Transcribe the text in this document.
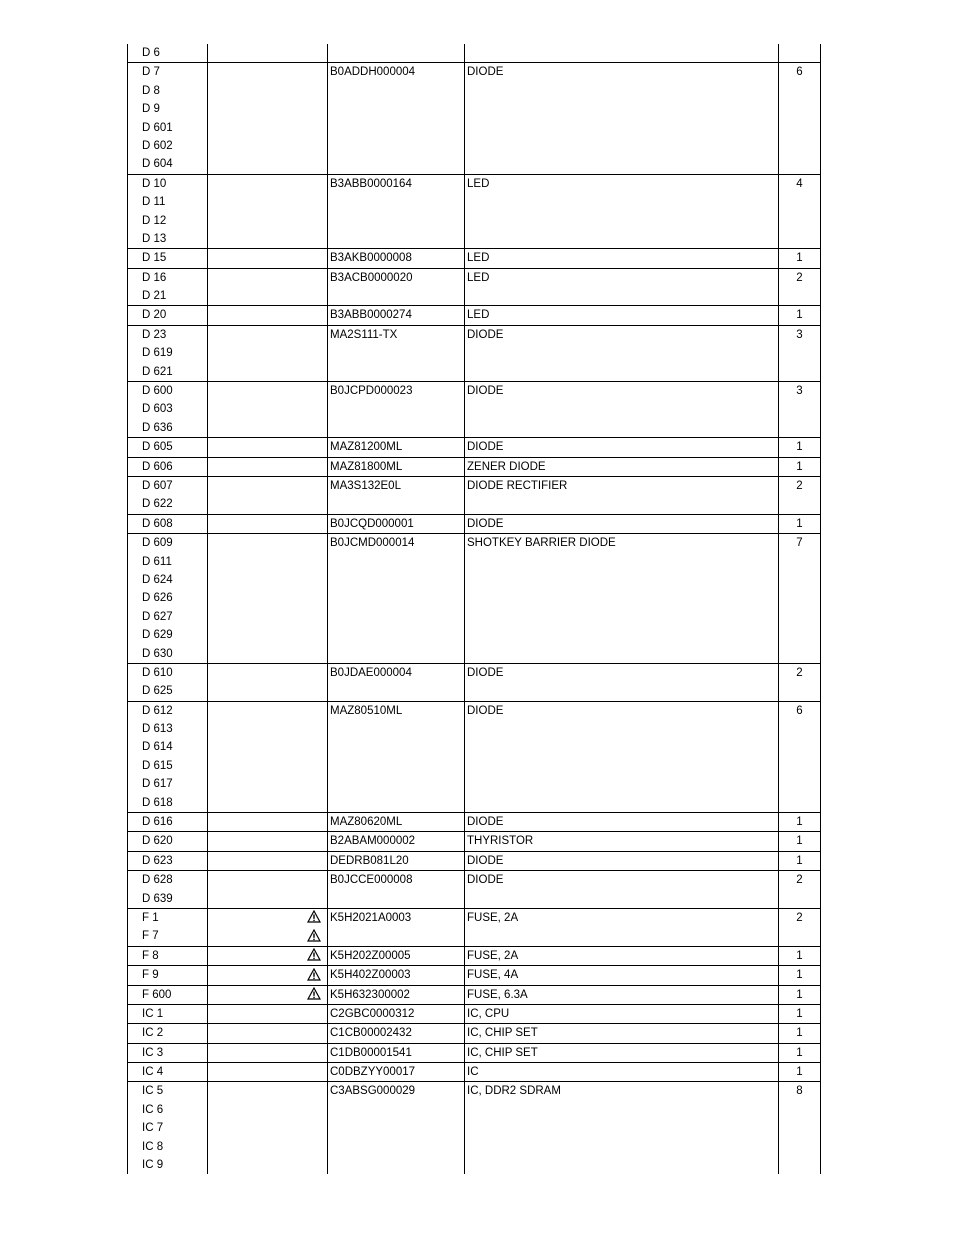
D 6
D 7	B0ADDH000004	DIODE	6
D 8
D 9
D 601
D 602
D 604
D 10	B3ABB0000164	LED	4
D 11
D 12
D 13
D 15	B3AKB0000008	LED	1
D 16	B3ACB0000020	LED	2
D 21
D 20	B3ABB0000274	LED	1
D 23	MA2S111-TX	DIODE	3
D 619
D 621
D 600	B0JCPD000023	DIODE	3
D 603
D 636
D 605	MAZ81200ML	DIODE	1
D 606	MAZ81800ML	ZENER DIODE	1
D 607	MA3S132E0L	DIODE RECTIFIER	2
D 622
D 608	B0JCQD000001	DIODE	1
D 609	B0JCMD000014	SHOTKEY BARRIER DIODE	7
D 611
D 624
D 626
D 627
D 629
D 630
D 610	B0JDAE000004	DIODE	2
D 625
D 612	MAZ80510ML	DIODE	6
D 613
D 614
D 615
D 617
D 618
D 616	MAZ80620ML	DIODE	1
D 620	B2ABAM000002	THYRISTOR	1
D 623	DEDRB081L20	DIODE	1
D 628	B0JCCE000008	DIODE	2
D 639
F 1	K5H2021A0003	FUSE, 2A	2
F 7
F 8	K5H202Z00005	FUSE, 2A	1
F 9	K5H402Z00003	FUSE, 4A	1
F 600	K5H632300002	FUSE, 6.3A	1
IC 1	C2GBC0000312	IC, CPU	1
IC 2	C1CB00002432	IC, CHIP SET	1
IC 3	C1DB00001541	IC, CHIP SET	1
IC 4	C0DBZYY00017	IC	1
IC 5	C3ABSG000029	IC, DDR2 SDRAM	8
IC 6
IC 7
IC 8
IC 9
